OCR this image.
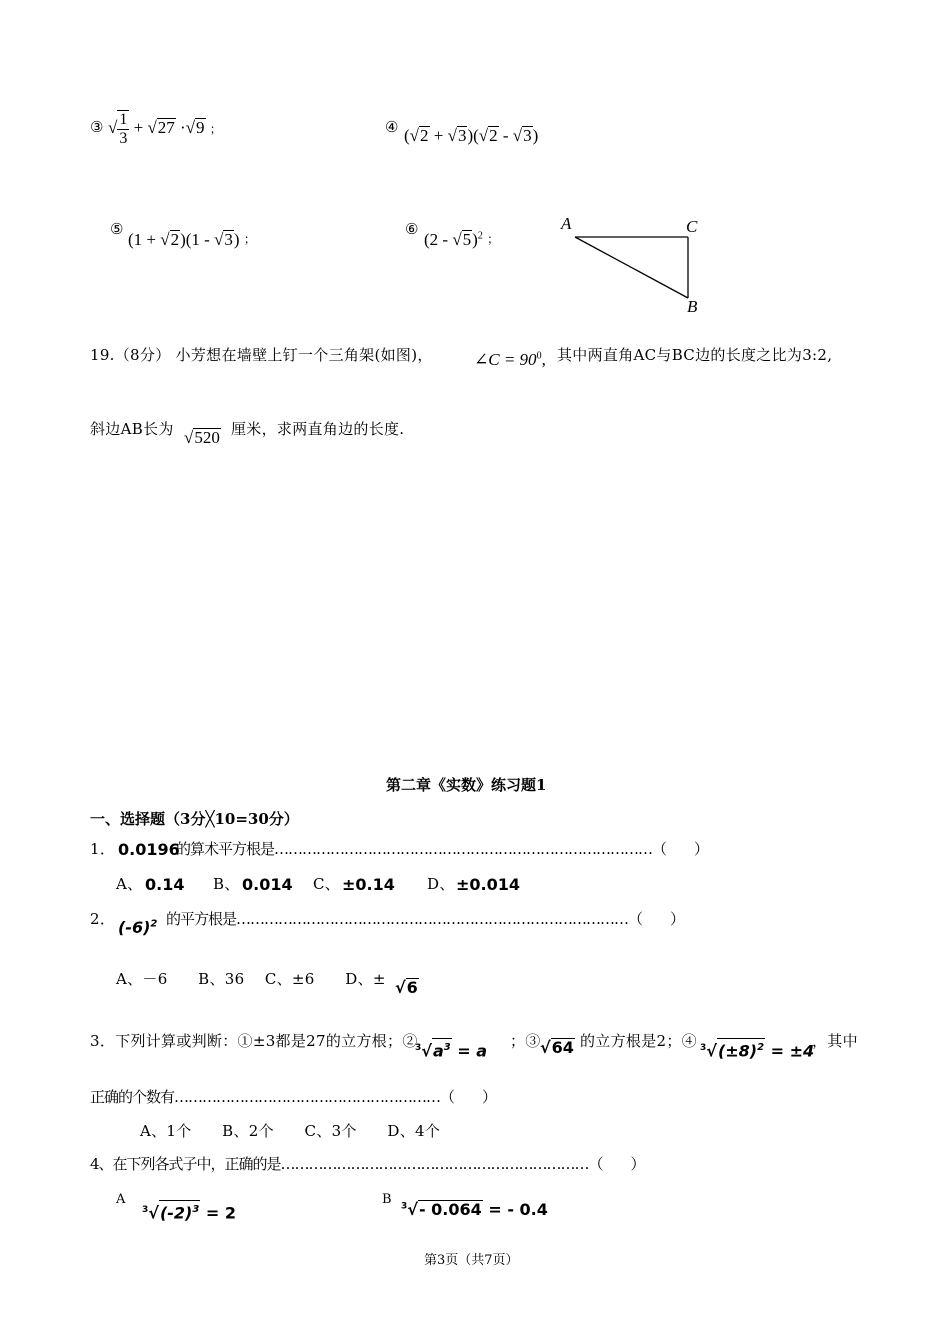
③ √ $\frac{1}{3} + √27 \cdot√9$ ；	④ (√2 + √3)(√2 - √3)
⑤
(1 + √2)(1 - √3) ；
⑥
(2 - √5)$^2$ ；
A	C
B
19.（8分） 小芳想在墙壁上钉一个三角架(如图)， ∠C = $90^0$, 其中两直角AC与BC边的长度之比为3:2,
斜边AB长为 √520 厘米，求两直角边的长度.
第二章《实数》练习题1
一、选择题（3分╳10=30分）
1． 0.0196
的算术平方根是………………………………………………………………………（　　）
A、 0.14 B、 0.014 C、 ±0.14 D、 ±0.014
2． $(-6)^2$ 的平方根是…………………………………………………………………………（　　）
A、－6　　B、36　 C、±6　　D、± √6
3．下列计算或判断：①±3都是27的立方根；②
$^3√a^3 = a$
；③ √64 的立方根是2；④ $^3√(\pm 8)^2 = \pm 4$
，其中
正确的个数有…………………………………………………（　　）
A、1个　　B、2个　　C、3个　　D、4个
4、在下列各式子中，正确的是…………………………………………………………（　　）
A
$^3√(-2)^3 = 2$
B $^3$√- 0.064 = - 0.4
第3页（共7页）
